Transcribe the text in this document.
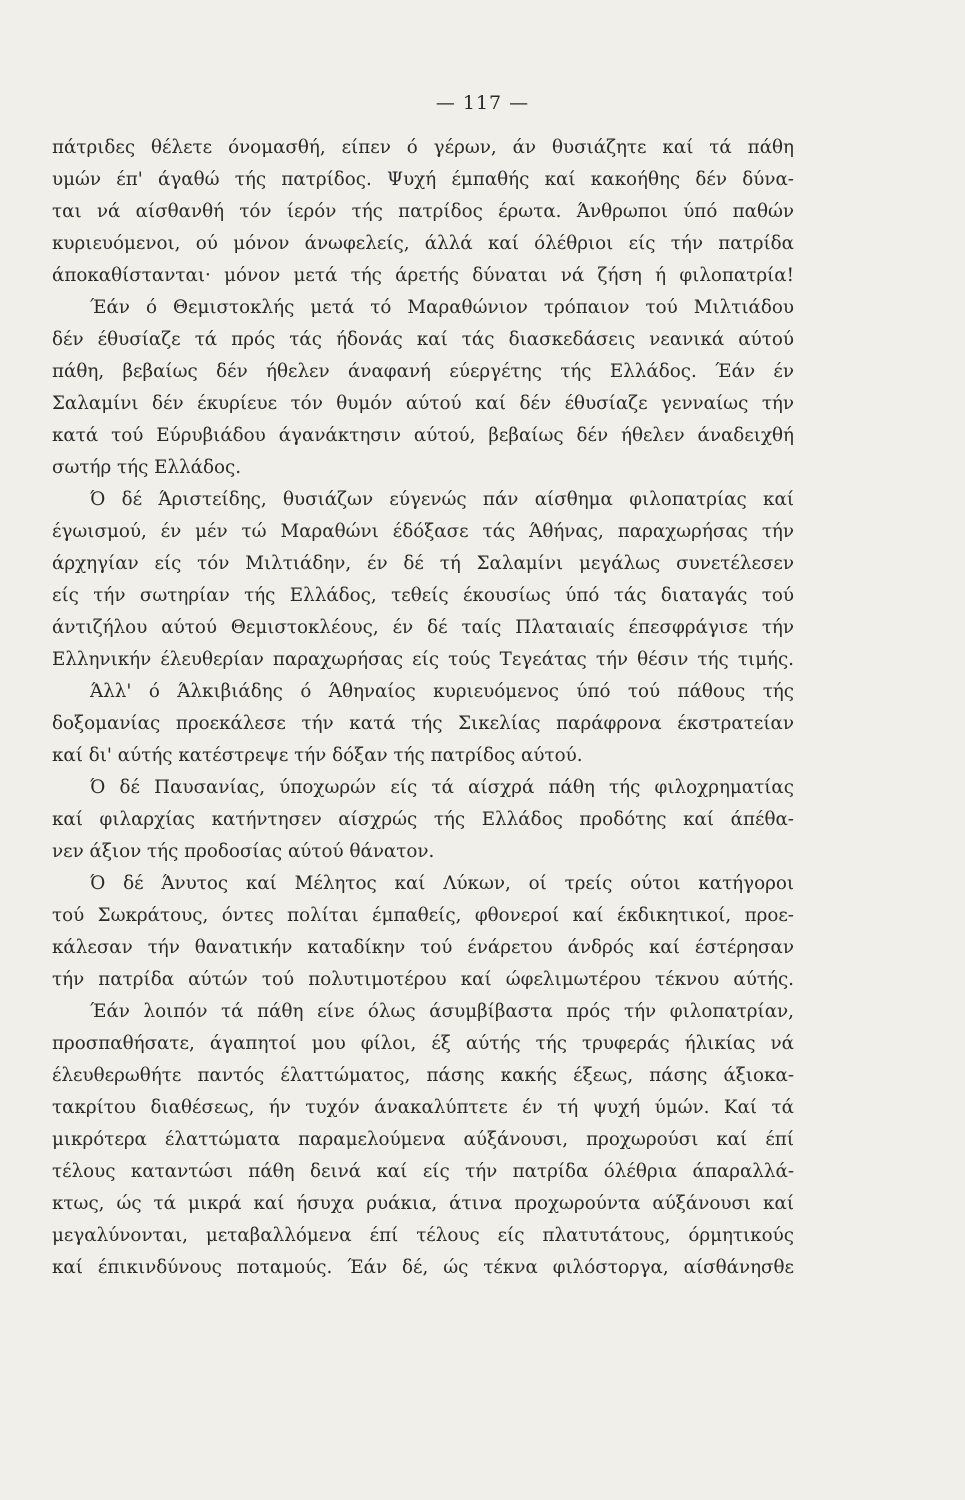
— 117 —
πάτριδες θέλετε όνομασθή, είπεν ό γέρων, άν θυσιάζητε καί τά πάθη
υμών έπ' άγαθώ τής πατρίδος. Ψυχή έμπαθής καί κακοήθης δέν δύνα-
ται νά αίσθανθή τόν ίερόν τής πατρίδος έρωτα. Άνθρωποι ύπό παθών
κυριευόμενοι, ού μόνον άνωφελείς, άλλά καί όλέθριοι είς τήν πατρίδα
άποκαθίστανται· μόνον μετά τής άρετής δύναται νά ζήση ή φιλοπατρία!
Έάν ό Θεμιστοκλής μετά τό Μαραθώνιον τρόπαιον τού Μιλτιάδου
δέν έθυσίαζε τά πρός τάς ήδονάς καί τάς διασκεδάσεις νεανικά αύτού
πάθη, βεβαίως δέν ήθελεν άναφανή εύεργέτης τής Ελλάδος. Έάν έν
Σαλαμίνι δέν έκυρίευε τόν θυμόν αύτού καί δέν έθυσίαζε γενναίως τήν
κατά τού Εύρυβιάδου άγανάκτησιν αύτού, βεβαίως δέν ήθελεν άναδειχθή
σωτήρ τής Ελλάδος.
Ό δέ Άριστείδης, θυσιάζων εύγενώς πάν αίσθημα φιλοπατρίας καί
έγωισμού, έν μέν τώ Μαραθώνι έδόξασε τάς Άθήνας, παραχωρήσας τήν
άρχηγίαν είς τόν Μιλτιάδην, έν δέ τή Σαλαμίνι μεγάλως συνετέλεσεν
είς τήν σωτηρίαν τής Ελλάδος, τεθείς έκουσίως ύπό τάς διαταγάς τού
άντιζήλου αύτού Θεμιστοκλέους, έν δέ ταίς Πλαταιαίς έπεσφράγισε τήν
Ελληνικήν έλευθερίαν παραχωρήσας είς τούς Τεγεάτας τήν θέσιν τής τιμής.
Άλλ' ό Άλκιβιάδης ό Άθηναίος κυριευόμενος ύπό τού πάθους τής
δοξομανίας προεκάλεσε τήν κατά τής Σικελίας παράφρονα έκστρατείαν
καί δι' αύτής κατέστρεψε τήν δόξαν τής πατρίδος αύτού.
Ό δέ Παυσανίας, ύποχωρών είς τά αίσχρά πάθη τής φιλοχρηματίας
καί φιλαρχίας κατήντησεν αίσχρώς τής Ελλάδος προδότης καί άπέθα-
νεν άξιον τής προδοσίας αύτού θάνατον.
Ό δέ Άνυτος καί Μέλητος καί Λύκων, οί τρείς ούτοι κατήγοροι
τού Σωκράτους, όντες πολίται έμπαθείς, φθονεροί καί έκδικητικοί, προε-
κάλεσαν τήν θανατικήν καταδίκην τού ένάρετου άνδρός καί έστέρησαν
τήν πατρίδα αύτών τού πολυτιμοτέρου καί ώφελιμωτέρου τέκνου αύτής.
Έάν λοιπόν τά πάθη είνε όλως άσυμβίβαστα πρός τήν φιλοπατρίαν,
προσπαθήσατε, άγαπητοί μου φίλοι, έξ αύτής τής τρυφεράς ήλικίας νά
έλευθερωθήτε παντός έλαττώματος, πάσης κακής έξεως, πάσης άξιοκα-
τακρίτου διαθέσεως, ήν τυχόν άνακαλύπτετε έν τή ψυχή ύμών. Καί τά
μικρότερα έλαττώματα παραμελούμενα αύξάνουσι, προχωρούσι καί έπί
τέλους καταντώσι πάθη δεινά καί είς τήν πατρίδα όλέθρια άπαραλλά-
κτως, ώς τά μικρά καί ήσυχα ρυάκια, άτινα προχωρούντα αύξάνουσι καί
μεγαλύνονται, μεταβαλλόμενα έπί τέλους είς πλατυτάτους, όρμητικούς
καί έπικινδύνους ποταμούς. Έάν δέ, ώς τέκνα φιλόστοργα, αίσθάνησθε
